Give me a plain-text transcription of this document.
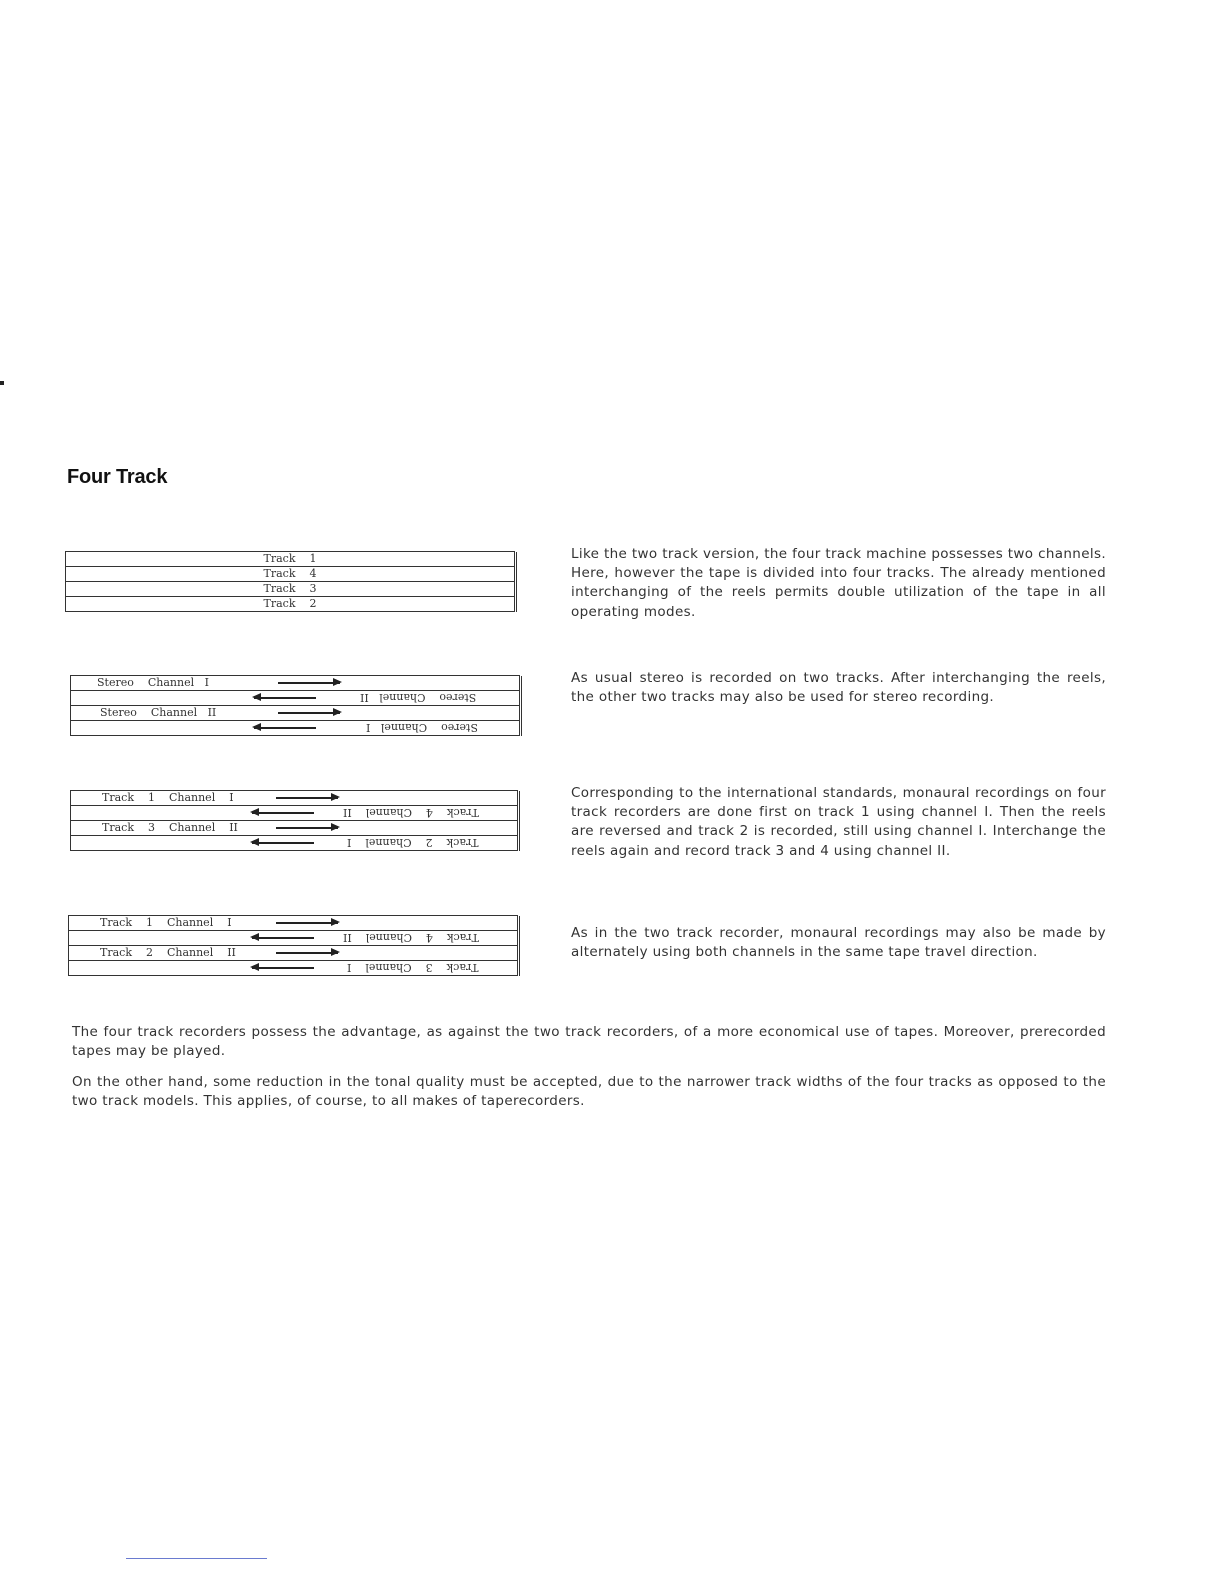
Four Track
Track    1
Track    4
Track    3
Track    2
Stereo    Channel   I
Stereo    Channel   II
Stereo    Channel   II
Stereo    Channel   I
Track    1    Channel    I
Track    4    Channel    II
Track    3    Channel    II
Track    2    Channel    I
Track    1    Channel    I
Track    4    Channel    II
Track    2    Channel    II
Track    3    Channel    I

Like the two track version, the four track machine possesses two channels. Here, however the tape is divided into four tracks. The already mentioned interchanging of the reels permits double utilization of the tape in all operating modes.

As usual stereo is recorded on two tracks. After interchanging the reels, the other two tracks may also be used for stereo recording.

Corresponding to the international standards, monaural recordings on four track recorders are done first on track 1 using channel I. Then the reels are reversed and track 2 is recorded, still using channel I. Interchange the reels again and record track 3 and 4 using channel II.

As in the two track recorder, monaural recordings may also be made by alternately using both channels in the same tape travel direction.

The four track recorders possess the advantage, as against the two track recorders, of a more economical use of tapes. Moreover, prerecorded tapes may be played.

On the other hand, some reduction in the tonal quality must be accepted, due to the narrower track widths of the four tracks as opposed to the two track models. This applies, of course, to all makes of taperecorders.
